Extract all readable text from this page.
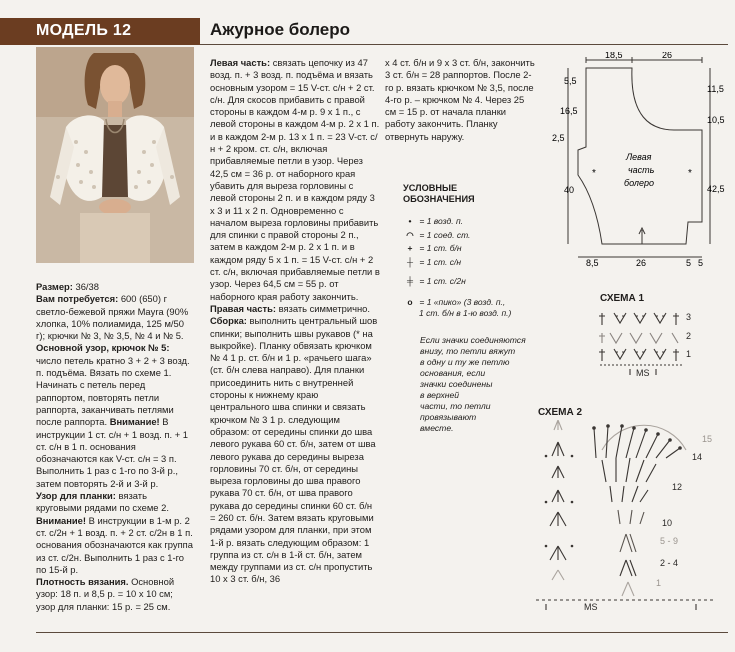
МОДЕЛЬ 12	Ажурное болеро

Размер: 36/38

Вам потребуется: 600 (650) г светло-бежевой пряжи Mayra (90% хлопка, 10% полиамида, 125 м/50 г); крючки № 3, № 3,5, № 4 и № 5.

Основной узор, крючок № 5: число петель кратно 3 + 2 + 3 возд. п. подъёма. Вязать по схеме 1. Начинать с петель перед раппортом, повторять петли раппорта, заканчивать петлями после раппорта. Внимание! В инструкции 1 ст. с/н + 1 возд. п. + 1 ст. с/н в 1 п. основания обозначаются как V-ст. с/н = 3 п. Выполнить 1 раз с 1-го по 3-й р., затем повторять 2-й и 3-й р.

Узор для планки: вязать круговыми рядами по схеме 2. Внимание! В инструкции в 1-м р. 2 ст. с/2н + 1 возд. п. + 2 ст. с/2н в 1 п. основания обозначаются как группа из ст. с/2н. Выполнить 1 раз с 1-го по 15-й р.

Плотность вязания. Основной узор: 18 п. и 8,5 р. = 10 x 10 см; узор для планки: 15 р. = 25 см.

Левая часть: связать цепочку из 47 возд. п. + 3 возд. п. подъёма и вязать основным узором = 15 V-ст. с/н + 2 ст. с/н. Для скосов прибавить с правой стороны в каждом 4-м р. 9 x 1 п., с левой стороны в каждом 4-м р. 2 x 1 п. и в каждом 2-м р. 13 x 1 п. = 23 V-ст. с/н + 2 кром. ст. с/н, включая прибавляемые петли в узор. Через 42,5 см = 36 р. от наборного края убавить для выреза горловины с левой стороны 2 п. и в каждом ряду 3 x 3 и 11 x 2 п. Одновременно с началом выреза горловины прибавить для спинки с правой стороны 2 п., затем в каждом 2-м р. 2 x 1 п. и в каждом ряду 5 x 1 п. = 15 V-ст. с/н + 2 ст. с/н, включая прибавляемые петли в узор. Через 64,5 см = 55 р. от наборного края работу закончить.

Правая часть: вязать симметрично.

Сборка: выполнить центральный шов спинки; выполнить швы рукавов (* на выкройке). Планку обвязать крючком № 4 1 р. ст. б/н и 1 р. «рачьего шага» (ст. б/н слева направо). Для планки присоединить нить с внутренней стороны к нижнему краю центрального шва спинки и связать крючком № 3 1 р. следующим образом: от середины спинки до шва левого рукава 60 ст. б/н, затем от шва левого рукава до середины выреза горловины 70 ст. б/н, от середины выреза горловины до шва правого рукава 70 ст. б/н, от шва правого рукава до середины спинки 60 ст. б/н = 260 ст. б/н. Затем вязать круговыми рядами узором для планки, при этом 1-й р. вязать следующим образом: 1 группа из ст. с/н в 1-й ст. б/н, затем между группами из ст. с/н пропустить 10 x 3 ст. б/н, 36

x 4 ст. б/н и 9 x 3 ст. б/н, закончить 3 ст. б/н = 28 раппортов. После 2-го р. вязать крючком № 3,5, после 4-го р. – крючком № 4. Через 25 см = 15 р. от начала планки работу закончить. Планку отвернуть наружу.

УСЛОВНЫЕ
ОБОЗНАЧЕНИЯ
• = 1 возд. п.
◠ = 1 соед. ст.
+ = 1 ст. б/н
┼ = 1 ст. с/н
╪ = 1 ст. с/2н
о = 1 «пико» (3 возд. п.,
1 ст. б/н в 1-ю возд. п.)
Если значки соединяются
внизу, то петли вяжут
в одну и ту же петлю
основания, если
значки соединены
в верхней
части, то петли
провязывают
вместе.
18,5	26
5,5
16,5
2,5
40
11,5
10,5
42,5
8,5	26	5 5
Левая
часть
болеро
*	*
СХЕМА 1
3
2
1
MS
СХЕМА 2
15
14
12
10
5 - 9
2 - 4
1
MS
